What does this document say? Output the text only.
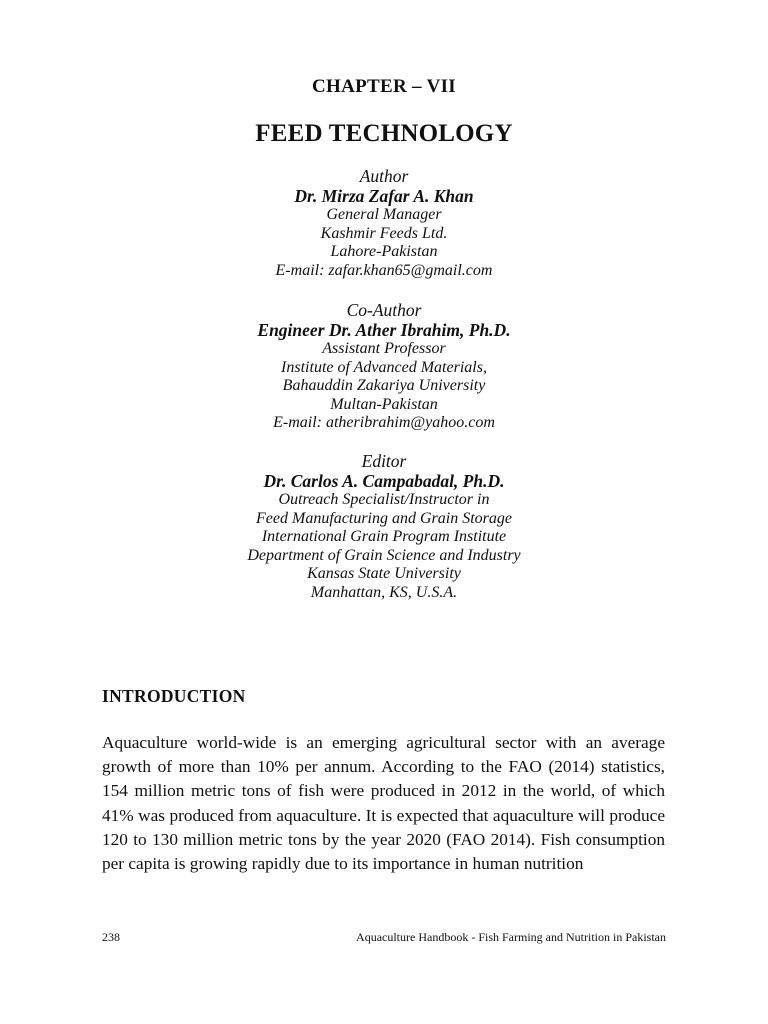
CHAPTER – VII
FEED TECHNOLOGY
Author
Dr. Mirza Zafar A. Khan
General Manager
Kashmir Feeds Ltd.
Lahore-Pakistan
E-mail: zafar.khan65@gmail.com
Co-Author
Engineer Dr. Ather Ibrahim, Ph.D.
Assistant Professor
Institute of Advanced Materials,
Bahauddin Zakariya University
Multan-Pakistan
E-mail: atheribrahim@yahoo.com
Editor
Dr. Carlos A. Campabadal, Ph.D.
Outreach Specialist/Instructor in
Feed Manufacturing and Grain Storage
International Grain Program Institute
Department of Grain Science and Industry
Kansas State University
Manhattan, KS, U.S.A.
INTRODUCTION

Aquaculture world-wide is an emerging agricultural sector with an average growth of more than 10% per annum. According to the FAO (2014) statistics, 154 million metric tons of fish were produced in 2012 in the world, of which 41% was produced from aquaculture. It is expected that aquaculture will produce 120 to 130 million metric tons by the year 2020 (FAO 2014). Fish consumption per capita is growing rapidly due to its importance in human nutrition

238	Aquaculture Handbook - Fish Farming and Nutrition in Pakistan
